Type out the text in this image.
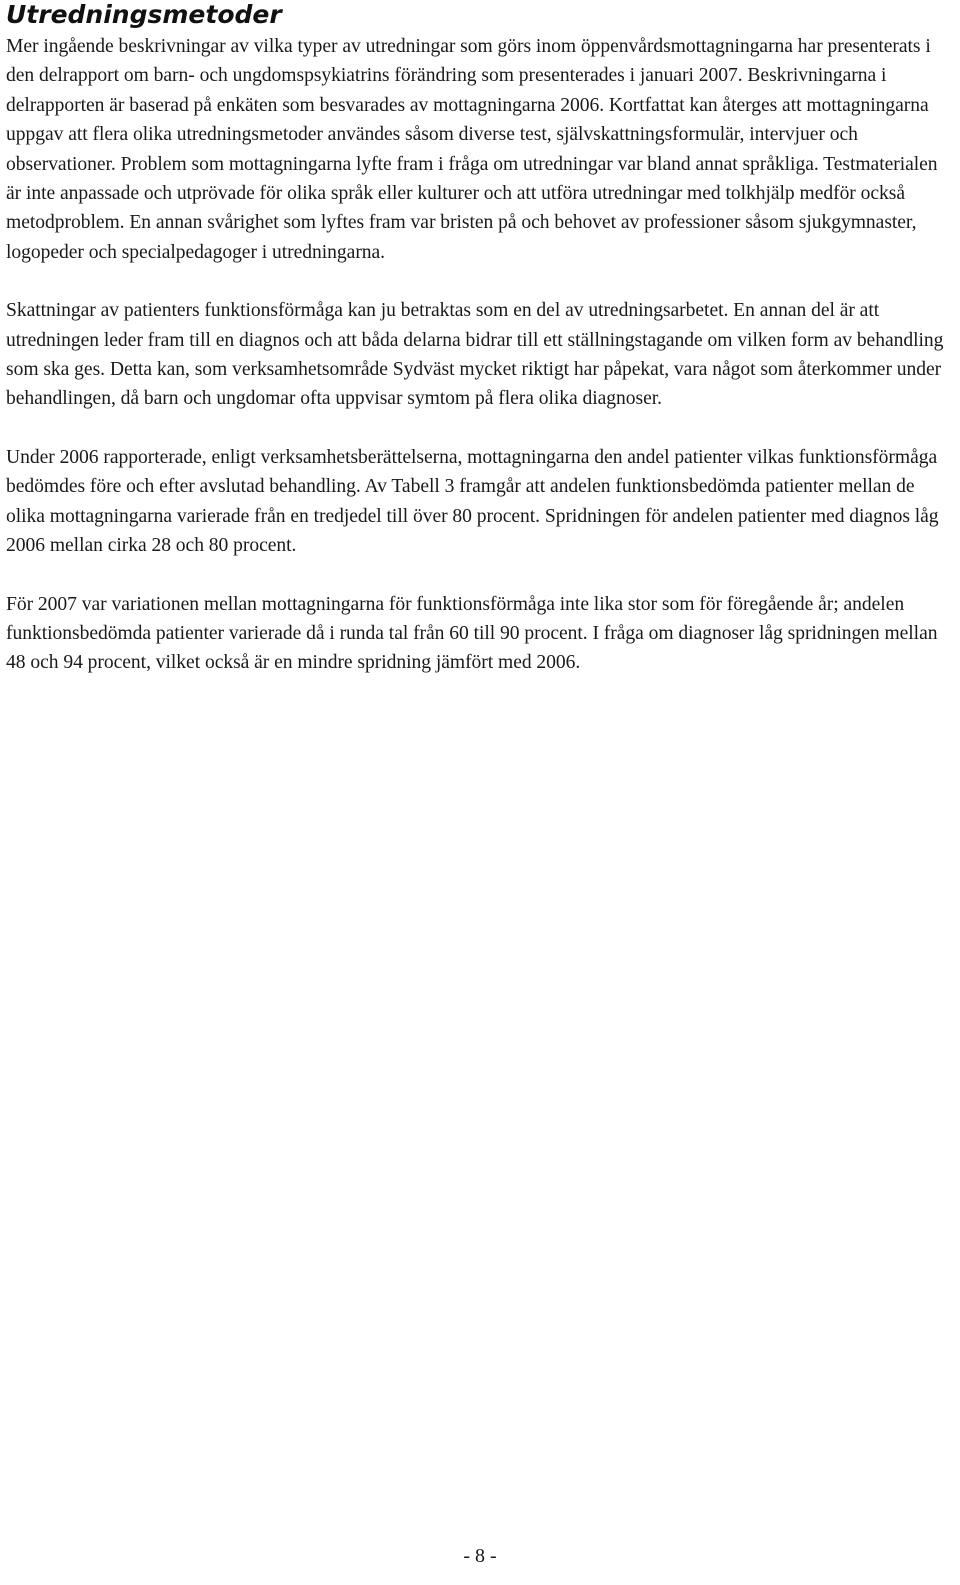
Utredningsmetoder

Mer ingående beskrivningar av vilka typer av utredningar som görs inom öppenvårdsmottagningarna har presenterats i den delrapport om barn- och ungdomspsykiatrins förändring som presenterades i januari 2007. Beskrivningarna i delrapporten är baserad på enkäten som besvarades av mottagningarna 2006. Kortfattat kan återges att mottagningarna uppgav att flera olika utredningsmetoder användes såsom diverse test, självskattningsformulär, intervjuer och observationer. Problem som mottagningarna lyfte fram i fråga om utredningar var bland annat språkliga. Testmaterialen är inte anpassade och utprövade för olika språk eller kulturer och att utföra utredningar med tolkhjälp medför också metodproblem. En annan svårighet som lyftes fram var bristen på och behovet av professioner såsom sjukgymnaster, logopeder och specialpedagoger i utredningarna.

Skattningar av patienters funktionsförmåga kan ju betraktas som en del av utredningsarbetet. En annan del är att utredningen leder fram till en diagnos och att båda delarna bidrar till ett ställningstagande om vilken form av behandling som ska ges. Detta kan, som verksamhetsområde Sydväst mycket riktigt har påpekat, vara något som återkommer under behandlingen, då barn och ungdomar ofta uppvisar symtom på flera olika diagnoser.

Under 2006 rapporterade, enligt verksamhetsberättelserna, mottagningarna den andel patienter vilkas funktionsförmåga bedömdes före och efter avslutad behandling. Av Tabell 3 framgår att andelen funktionsbedömda patienter mellan de olika mottagningarna varierade från en tredjedel till över 80 procent. Spridningen för andelen patienter med diagnos låg 2006 mellan cirka 28 och 80 procent.

För 2007 var variationen mellan mottagningarna för funktionsförmåga inte lika stor som för föregående år; andelen funktionsbedömda patienter varierade då i runda tal från 60 till 90 procent. I fråga om diagnoser låg spridningen mellan 48 och 94 procent, vilket också är en mindre spridning jämfört med 2006.

- 8 -
